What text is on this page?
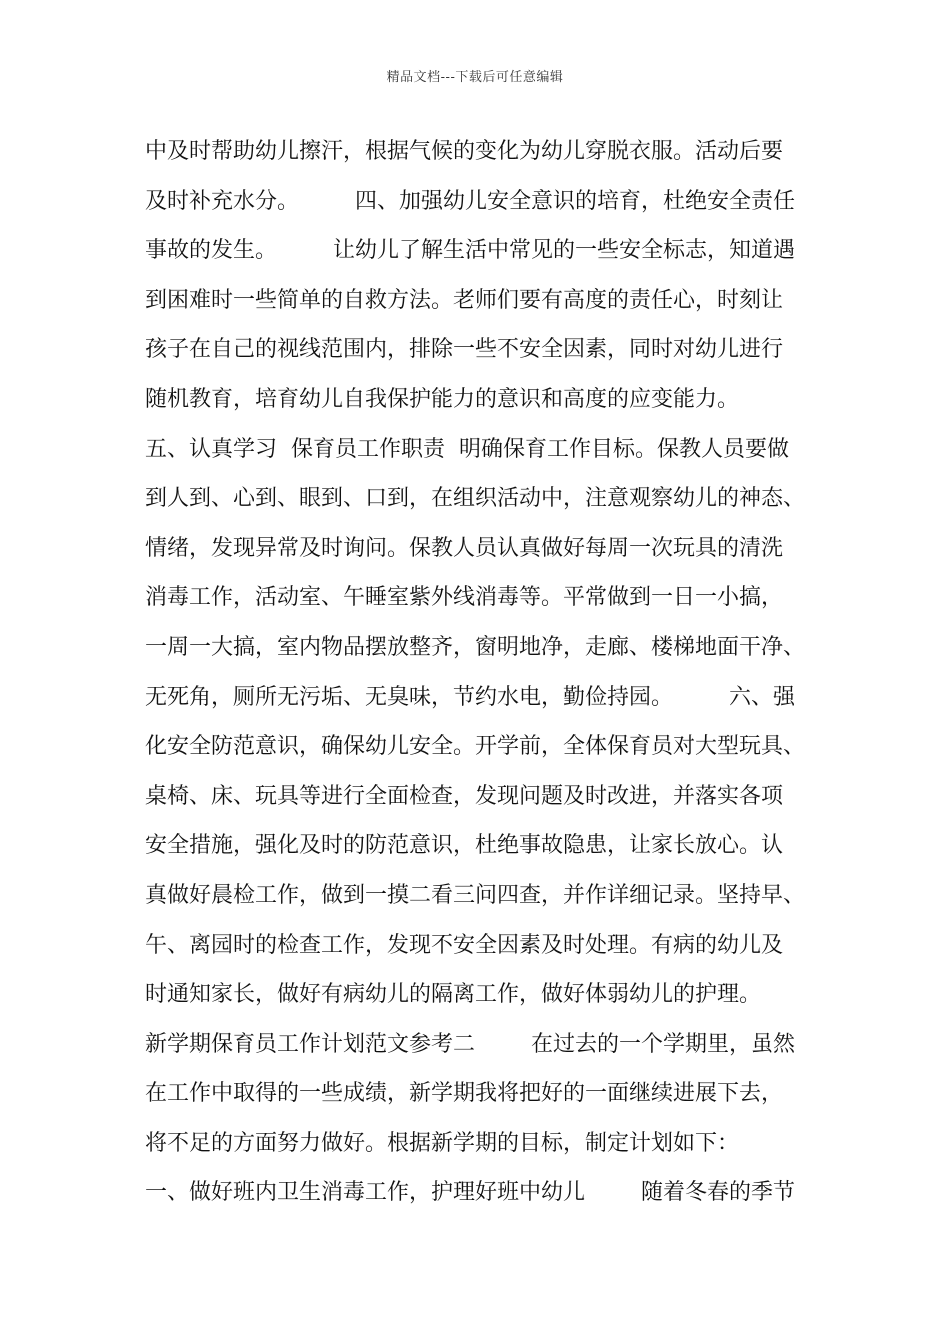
精品文档---下载后可任意编辑
中及时帮助幼儿擦汗，根据气候的变化为幼儿穿脱衣服。活动后要
及时补充水分。        四、加强幼儿安全意识的培育，杜绝安全责任
事故的发生。        让幼儿了解生活中常见的一些安全标志，知道遇
到困难时一些简单的自救方法。老师们要有高度的责任心，时刻让
孩子在自己的视线范围内，排除一些不安全因素，同时对幼儿进行
随机教育，培育幼儿自我保护能力的意识和高度的应变能力。
五、认真学习  保育员工作职责  明确保育工作目标。保教人员要做
到人到、心到、眼到、口到，在组织活动中，注意观察幼儿的神态、
情绪，发现异常及时询问。保教人员认真做好每周一次玩具的清洗
消毒工作，活动室、午睡室紫外线消毒等。平常做到一日一小搞，
一周一大搞，室内物品摆放整齐，窗明地净，走廊、楼梯地面干净、
无死角，厕所无污垢、无臭味，节约水电，勤俭持园。        六、强
化安全防范意识，确保幼儿安全。开学前，全体保育员对大型玩具、
桌椅、床、玩具等进行全面检查，发现问题及时改进，并落实各项
安全措施，强化及时的防范意识，杜绝事故隐患，让家长放心。认
真做好晨检工作，做到一摸二看三问四查，并作详细记录。坚持早、
午、离园时的检查工作，发现不安全因素及时处理。有病的幼儿及
时通知家长，做好有病幼儿的隔离工作，做好体弱幼儿的护理。
新学期保育员工作计划范文参考二        在过去的一个学期里，虽然
在工作中取得的一些成绩，新学期我将把好的一面继续进展下去，
将不足的方面努力做好。根据新学期的目标，制定计划如下：
一、做好班内卫生消毒工作，护理好班中幼儿        随着冬春的季节
